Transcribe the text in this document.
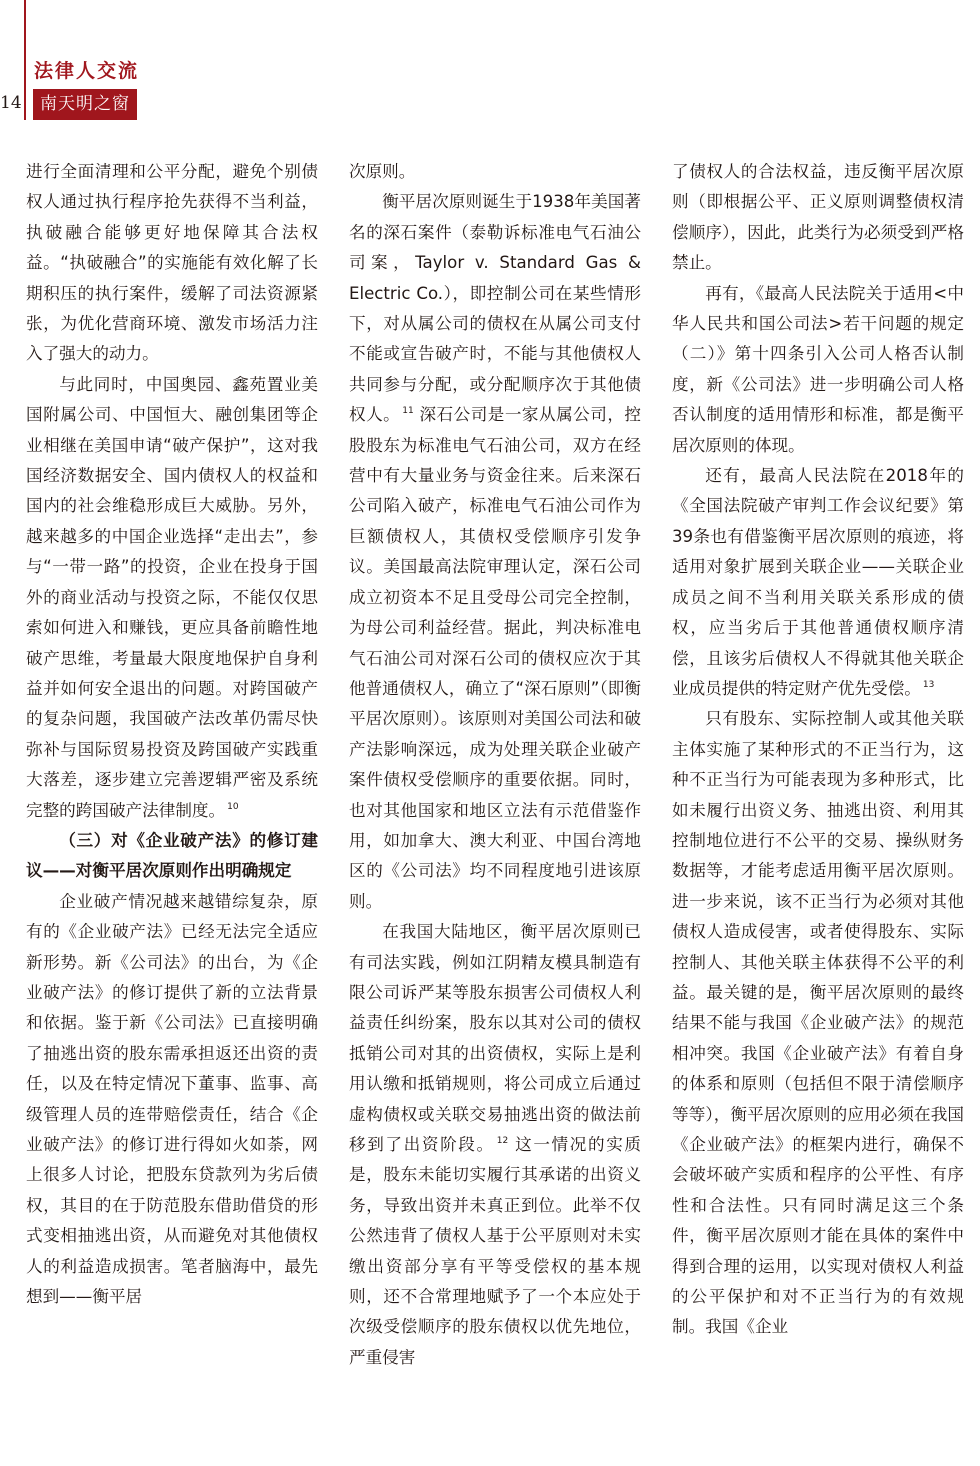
法律人交流
14	南天明之窗

进行全面清理和公平分配，避免个别债权人通过执行程序抢先获得不当利益，执破融合能够更好地保障其合法权益。“执破融合”的实施能有效化解了长期积压的执行案件，缓解了司法资源紧张，为优化营商环境、激发市场活力注入了强大的动力。

与此同时，中国奥园、鑫苑置业美国附属公司、中国恒大、融创集团等企业相继在美国申请“破产保护”，这对我国经济数据安全、国内债权人的权益和国内的社会维稳形成巨大威胁。另外，越来越多的中国企业选择“走出去”，参与“一带一路”的投资，企业在投身于国外的商业活动与投资之际，不能仅仅思索如何进入和赚钱，更应具备前瞻性地破产思维，考量最大限度地保护自身利益并如何安全退出的问题。对跨国破产的复杂问题，我国破产法改革仍需尽快弥补与国际贸易投资及跨国破产实践重大落差，逐步建立完善逻辑严密及系统完整的跨国破产法律制度。 $^{10}$

（三）对《企业破产法》的修订建议——对衡平居次原则作出明确规定

企业破产情况越来越错综复杂，原有的《企业破产法》已经无法完全适应新形势。新《公司法》的出台，为《企业破产法》的修订提供了新的立法背景和依据。鉴于新《公司法》已直接明确了抽逃出资的股东需承担返还出资的责任，以及在特定情况下董事、监事、高级管理人员的连带赔偿责任，结合《企业破产法》的修订进行得如火如荼，网上很多人讨论，把股东贷款列为劣后债权，其目的在于防范股东借助借贷的形式变相抽逃出资，从而避免对其他债权人的利益造成损害。笔者脑海中，最先想到——衡平居

次原则。

衡平居次原则诞生于1938年美国著名的深石案件（泰勒诉标准电气石油公司案，Taylor v. Standard Gas & Electric Co.），即控制公司在某些情形下，对从属公司的债权在从属公司支付不能或宣告破产时，不能与其他债权人共同参与分配，或分配顺序次于其他债权人。 $^{11}$ 深石公司是一家从属公司，控股股东为标准电气石油公司，双方在经营中有大量业务与资金往来。后来深石公司陷入破产，标准电气石油公司作为巨额债权人，其债权受偿顺序引发争议。美国最高法院审理认定，深石公司成立初资本不足且受母公司完全控制，为母公司利益经营。据此，判决标准电气石油公司对深石公司的债权应次于其他普通债权人，确立了“深石原则”（即衡平居次原则）。该原则对美国公司法和破产法影响深远，成为处理关联企业破产案件债权受偿顺序的重要依据。同时，也对其他国家和地区立法有示范借鉴作用，如加拿大、澳大利亚、中国台湾地区的《公司法》均不同程度地引进该原则。

在我国大陆地区，衡平居次原则已有司法实践，例如江阴精友模具制造有限公司诉严某等股东损害公司债权人利益责任纠纷案，股东以其对公司的债权抵销公司对其的出资债权，实际上是利用认缴和抵销规则，将公司成立后通过虚构债权或关联交易抽逃出资的做法前移到了出资阶段。 $^{12}$ 这一情况的实质是，股东未能切实履行其承诺的出资义务，导致出资并未真正到位。此举不仅公然违背了债权人基于公平原则对未实缴出资部分享有平等受偿权的基本规则，还不合常理地赋予了一个本应处于次级受偿顺序的股东债权以优先地位，严重侵害

了债权人的合法权益，违反衡平居次原则（即根据公平、正义原则调整债权清偿顺序），因此，此类行为必须受到严格禁止。

再有，《最高人民法院关于适用<中华人民共和国公司法>若干问题的规定（二）》第十四条引入公司人格否认制度，新《公司法》进一步明确公司人格否认制度的适用情形和标准，都是衡平居次原则的体现。

还有，最高人民法院在2018年的《全国法院破产审判工作会议纪要》第39条也有借鉴衡平居次原则的痕迹，将适用对象扩展到关联企业——关联企业成员之间不当利用关联关系形成的债权，应当劣后于其他普通债权顺序清偿，且该劣后债权人不得就其他关联企业成员提供的特定财产优先受偿。 $^{13}$

只有股东、实际控制人或其他关联主体实施了某种形式的不正当行为，这种不正当行为可能表现为多种形式，比如未履行出资义务、抽逃出资、利用其控制地位进行不公平的交易、操纵财务数据等，才能考虑适用衡平居次原则。进一步来说，该不正当行为必须对其他债权人造成侵害，或者使得股东、实际控制人、其他关联主体获得不公平的利益。最关键的是，衡平居次原则的最终结果不能与我国《企业破产法》的规范相冲突。我国《企业破产法》有着自身的体系和原则（包括但不限于清偿顺序等等），衡平居次原则的应用必须在我国《企业破产法》的框架内进行，确保不会破坏破产实质和程序的公平性、有序性和合法性。只有同时满足这三个条件，衡平居次原则才能在具体的案件中得到合理的运用，以实现对债权人利益的公平保护和对不正当行为的有效规制。我国《企业
